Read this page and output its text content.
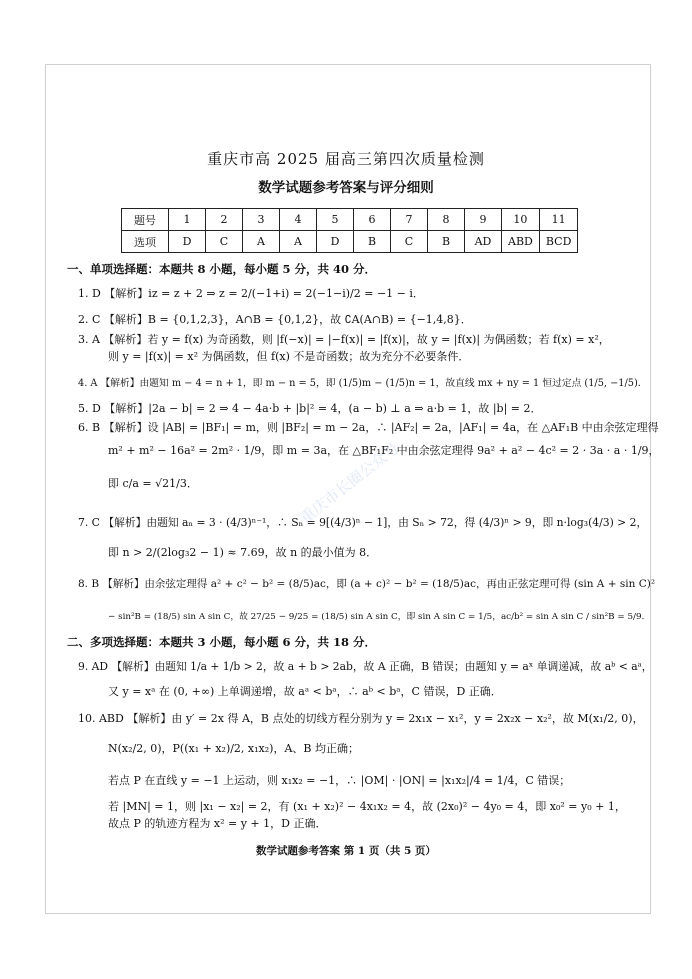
重庆市高 2025 届高三第四次质量检测
数学试题参考答案与评分细则
题号	1	2	3	4	5	6	7	8	9	10	11
选项	D	C	A	A	D	B	C	B	AD	ABD	BCD
一、单项选择题：本题共 8 小题，每小题 5 分，共 40 分．
1. D 【解析】iz = z + 2 ⇒ z = 2/(−1+i) = 2(−1−i)/2 = −1 − i．
2. C 【解析】B = {0,1,2,3}，A∩B = {0,1,2}，故 ∁A(A∩B) = {−1,4,8}．
3. A 【解析】若 y = f(x) 为奇函数，则 |f(−x)| = |−f(x)| = |f(x)|，故 y = |f(x)| 为偶函数；若 f(x) = x²，
则 y = |f(x)| = x² 为偶函数，但 f(x) 不是奇函数；故为充分不必要条件．
4. A 【解析】由题知 m − 4 = n + 1，即 m − n = 5，即 (1/5)m − (1/5)n = 1，故直线 mx + ny = 1 恒过定点 (1/5, −1/5)．
5. D 【解析】|2a − b| = 2 ⇒ 4 − 4a·b + |b|² = 4，(a − b) ⊥ a ⇒ a·b = 1，故 |b| = 2．
6. B 【解析】设 |AB| = |BF₁| = m，则 |BF₂| = m − 2a，∴ |AF₂| = 2a，|AF₁| = 4a，在 △AF₁B 中由余弦定理得
m² + m² − 16a² = 2m² · 1/9，即 m = 3a，在 △BF₁F₂ 中由余弦定理得 9a² + a² − 4c² = 2 · 3a · a · 1/9，
即 c/a = √21/3．
7. C 【解析】由题知 aₙ = 3 · (4/3)ⁿ⁻¹，∴ Sₙ = 9[(4/3)ⁿ − 1]，由 Sₙ > 72，得 (4/3)ⁿ > 9，即 n·log₃(4/3) > 2，
即 n > 2/(2log₃2 − 1) ≈ 7.69，故 n 的最小值为 8．
8. B 【解析】由余弦定理得 a² + c² − b² = (8/5)ac，即 (a + c)² − b² = (18/5)ac，再由正弦定理可得 (sin A + sin C)²
− sin²B = (18/5) sin A sin C，故 27/25 − 9/25 = (18/5) sin A sin C，即 sin A sin C = 1/5，ac/b² = sin A sin C / sin²B = 5/9．
二、多项选择题：本题共 3 小题，每小题 6 分，共 18 分．
9. AD 【解析】由题知 1/a + 1/b > 2，故 a + b > 2ab，故 A 正确，B 错误；由题知 y = aˣ 单调递减，故 aᵇ < aᵃ，
又 y = xᵃ 在 (0, +∞) 上单调递增，故 aᵃ < bᵃ，∴ aᵇ < bᵃ，C 错误，D 正确．
10. ABD 【解析】由 y′ = 2x 得 A，B 点处的切线方程分别为 y = 2x₁x − x₁²，y = 2x₂x − x₂²，故 M(x₁/2, 0)，
N(x₂/2, 0)，P((x₁ + x₂)/2, x₁x₂)，A、B 均正确；
若点 P 在直线 y = −1 上运动，则 x₁x₂ = −1，∴ |OM| · |ON| = |x₁x₂|/4 = 1/4，C 错误；
若 |MN| = 1，则 |x₁ − x₂| = 2，有 (x₁ + x₂)² − 4x₁x₂ = 4，故 (2x₀)² − 4y₀ = 4，即 x₀² = y₀ + 1，
故点 P 的轨迹方程为 x² = y + 1，D 正确．
重庆市长圈公众号
数学试题参考答案 第 1 页（共 5 页）
